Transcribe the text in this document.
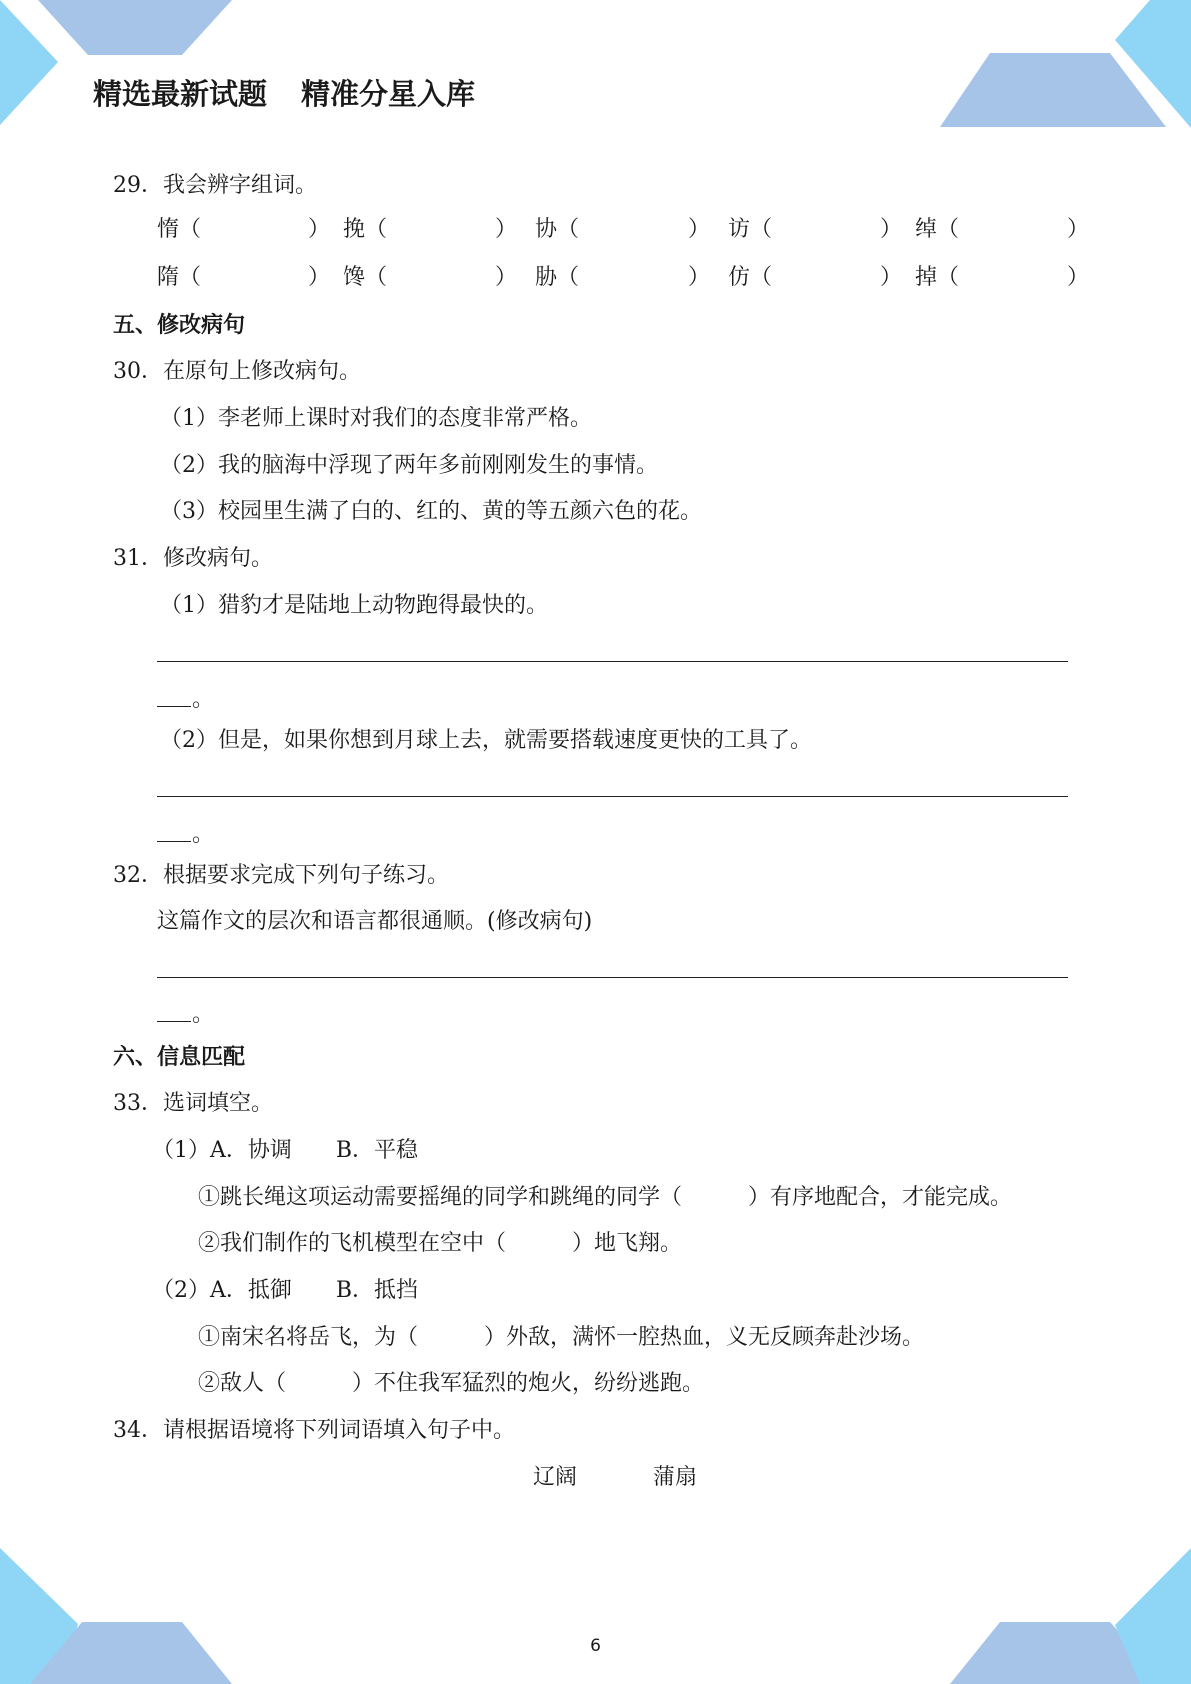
精选最新试题 精准分星入库
29．我会辨字组词。
惰（	） 挽（	） 协（	） 访（	） 绰（	）
隋（	） 馋（	） 胁（	） 仿（	） 掉（	）
五、修改病句
30．在原句上修改病句。
（1）李老师上课时对我们的态度非常严格。
（2）我的脑海中浮现了两年多前刚刚发生的事情。
（3）校园里生满了白的、红的、黄的等五颜六色的花。
31．修改病句。
（1）猎豹才是陆地上动物跑得最快的。
。
（2）但是，如果你想到月球上去，就需要搭载速度更快的工具了。
。
32．根据要求完成下列句子练习。
这篇作文的层次和语言都很通顺。(修改病句)
。
六、信息匹配
33．选词填空。
（1）A．协调　　B．平稳
①跳长绳这项运动需要摇绳的同学和跳绳的同学（　　　）有序地配合，才能完成。
②我们制作的飞机模型在空中（　　　）地飞翔。
（2）A．抵御　　B．抵挡
①南宋名将岳飞，为（　　　）外敌，满怀一腔热血，义无反顾奔赴沙场。
②敌人（　　　）不住我军猛烈的炮火，纷纷逃跑。
34．请根据语境将下列词语填入句子中。
辽阔	蒲扇
6
